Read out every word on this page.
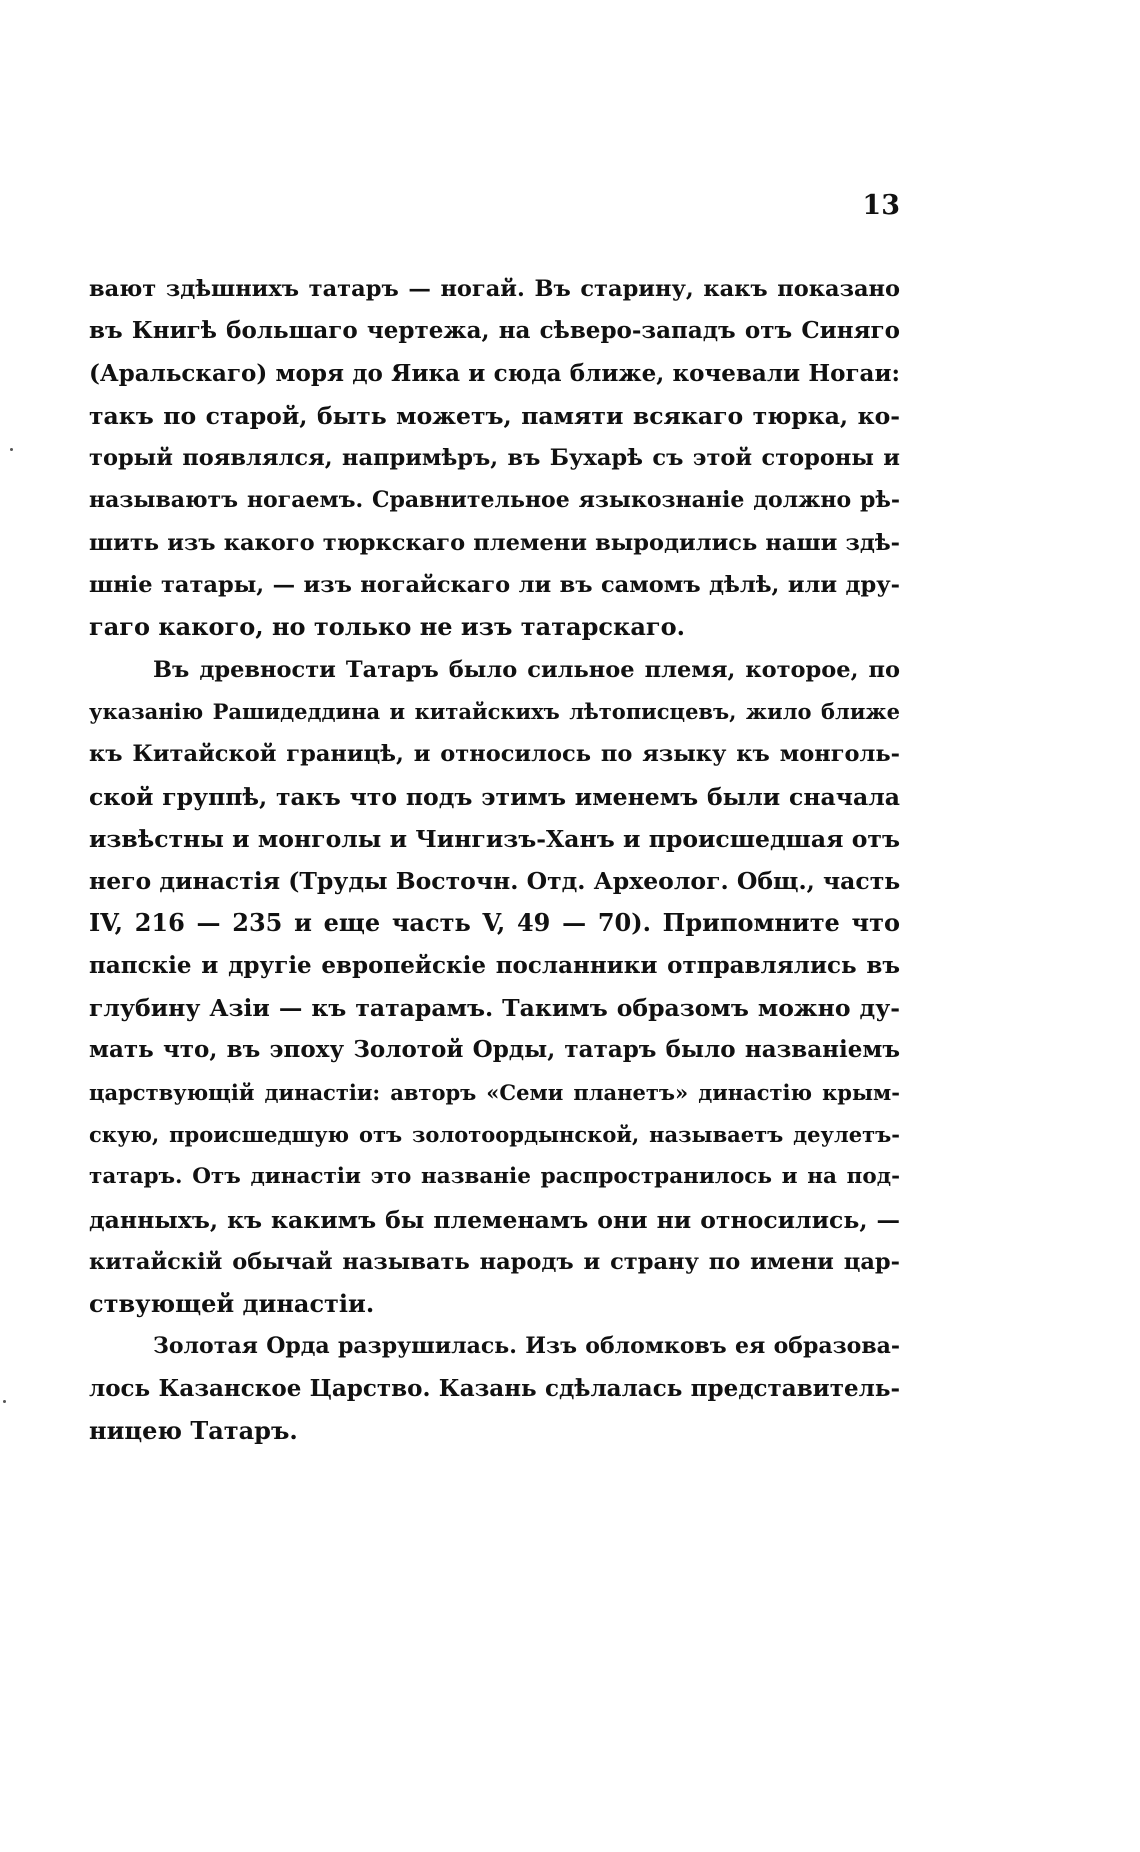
13
вают здѣшнихъ татаръ — ногай. Въ старину, какъ показано
въ Книгѣ большаго чертежа, на сѣверо-западъ отъ Синяго
(Аральскаго) моря до Яика и сюда ближе, кочевали Ногаи:
такъ по старой, быть можетъ, памяти всякаго тюрка, ко-
торый появлялся, напримѣръ, въ Бухарѣ съ этой стороны и
называютъ ногаемъ. Сравнительное языкознаніе должно рѣ-
шить изъ какого тюркскаго племени выродились наши здѣ-
шніе татары, — изъ ногайскаго ли въ самомъ дѣлѣ, или дру-
гаго какого, но только не изъ татарскаго.
Въ древности Татаръ было сильное племя, которое, по
указанію Рашидеддина и китайскихъ лѣтописцевъ, жило ближе
къ Китайской границѣ, и относилось по языку къ монголь-
ской группѣ, такъ что подъ этимъ именемъ были сначала
извѣстны и монголы и Чингизъ-Ханъ и происшедшая отъ
него династія (Труды Восточн. Отд. Археолог. Общ., часть
IV, 216 — 235 и еще часть V, 49 — 70). Припомните что
папскіе и другіе европейскіе посланники отправлялись въ
глубину Азіи — къ татарамъ. Такимъ образомъ можно ду-
мать что, въ эпоху Золотой Орды, татаръ было названіемъ
царствующій династіи: авторъ «Семи планетъ» династію крым-
скую, происшедшую отъ золотоордынской, называетъ деулетъ-
татаръ. Отъ династіи это названіе распространилось и на под-
данныхъ, къ какимъ бы племенамъ они ни относились, —
китайскій обычай называть народъ и страну по имени цар-
ствующей династіи.
Золотая Орда разрушилась. Изъ обломковъ ея образова-
лось Казанское Царство. Казань сдѣлалась представитель-
ницею Татаръ.
